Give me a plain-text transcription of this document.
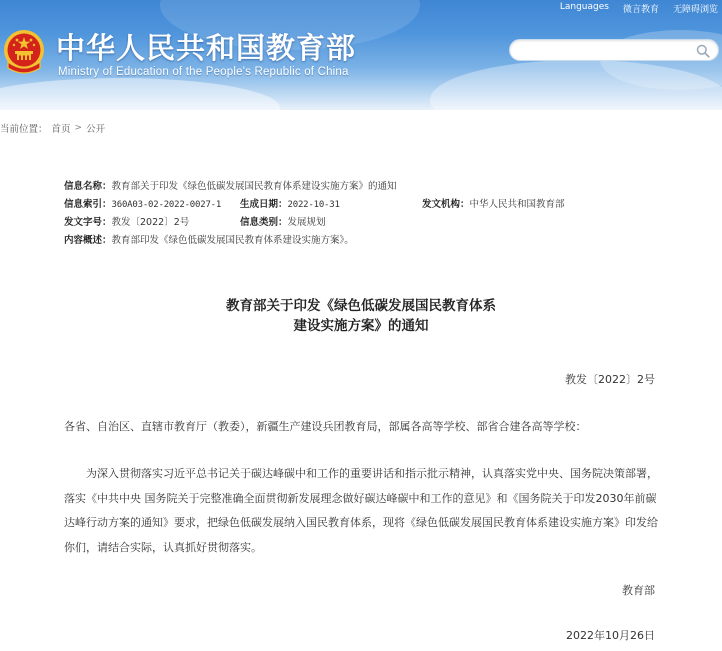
中华人民共和国教育部
Ministry of Education of the People's Republic of China
Languages 微言教育 无障碍浏览
当前位置： 首页 > 公开
信息名称：教育部关于印发《绿色低碳发展国民教育体系建设实施方案》的通知
信息索引：360A03-02-2022-0027-1 生成日期：2022-10-31	发文机构：中华人民共和国教育部
发文字号：教发〔2022〕2号	信息类别：发展规划
内容概述：教育部印发《绿色低碳发展国民教育体系建设实施方案》。
教育部关于印发《绿色低碳发展国民教育体系
建设实施方案》的通知
教发〔2022〕2号
各省、自治区、直辖市教育厅（教委），新疆生产建设兵团教育局，部属各高等学校、部省合建各高等学校：
为深入贯彻落实习近平总书记关于碳达峰碳中和工作的重要讲话和指示批示精神，认真落实党中央、国务院决策部署，落实《中共中央 国务院关于完整准确全面贯彻新发展理念做好碳达峰碳中和工作的意见》和《国务院关于印发2030年前碳达峰行动方案的通知》要求，把绿色低碳发展纳入国民教育体系，现将《绿色低碳发展国民教育体系建设实施方案》印发给你们，请结合实际，认真抓好贯彻落实。
教育部
2022年10月26日
